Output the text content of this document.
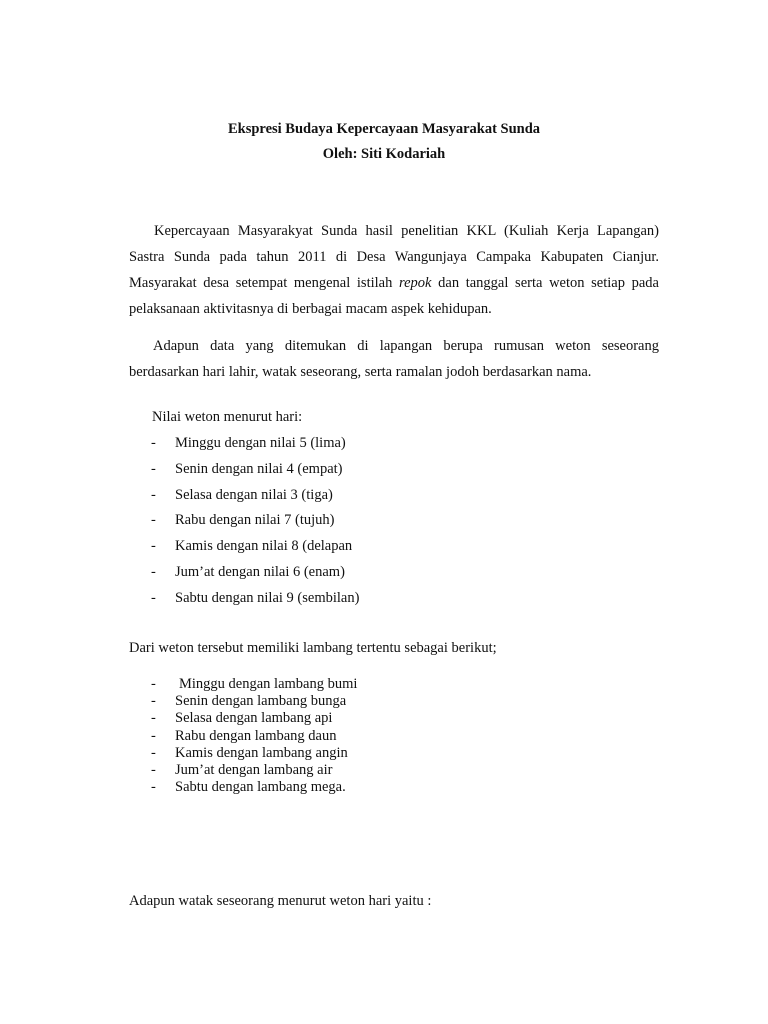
Ekspresi Budaya Kepercayaan Masyarakat Sunda
Oleh: Siti Kodariah

Kepercayaan Masyarakyat Sunda hasil penelitian KKL (Kuliah Kerja Lapangan) Sastra Sunda pada tahun 2011 di Desa Wangunjaya Campaka Kabupaten Cianjur. Masyarakat desa setempat mengenal istilah repok dan tanggal serta weton setiap pada pelaksanaan aktivitasnya di berbagai macam aspek kehidupan.

Adapun data yang ditemukan di lapangan berupa rumusan weton seseorang berdasarkan hari lahir, watak seseorang, serta ramalan jodoh berdasarkan nama.

Nilai weton menurut hari:
- Minggu dengan nilai 5 (lima)
- Senin dengan nilai 4 (empat)
- Selasa dengan nilai 3 (tiga)
- Rabu dengan nilai 7 (tujuh)
- Kamis dengan nilai 8 (delapan
- Jum’at dengan nilai 6 (enam)
- Sabtu dengan nilai 9 (sembilan)
Dari weton tersebut memiliki lambang tertentu sebagai berikut;
- Minggu dengan lambang bumi
- Senin dengan lambang bunga
- Selasa dengan lambang api
- Rabu dengan lambang daun
- Kamis dengan lambang angin
- Jum’at dengan lambang air
- Sabtu dengan lambang mega.
Adapun watak seseorang menurut weton hari yaitu :
